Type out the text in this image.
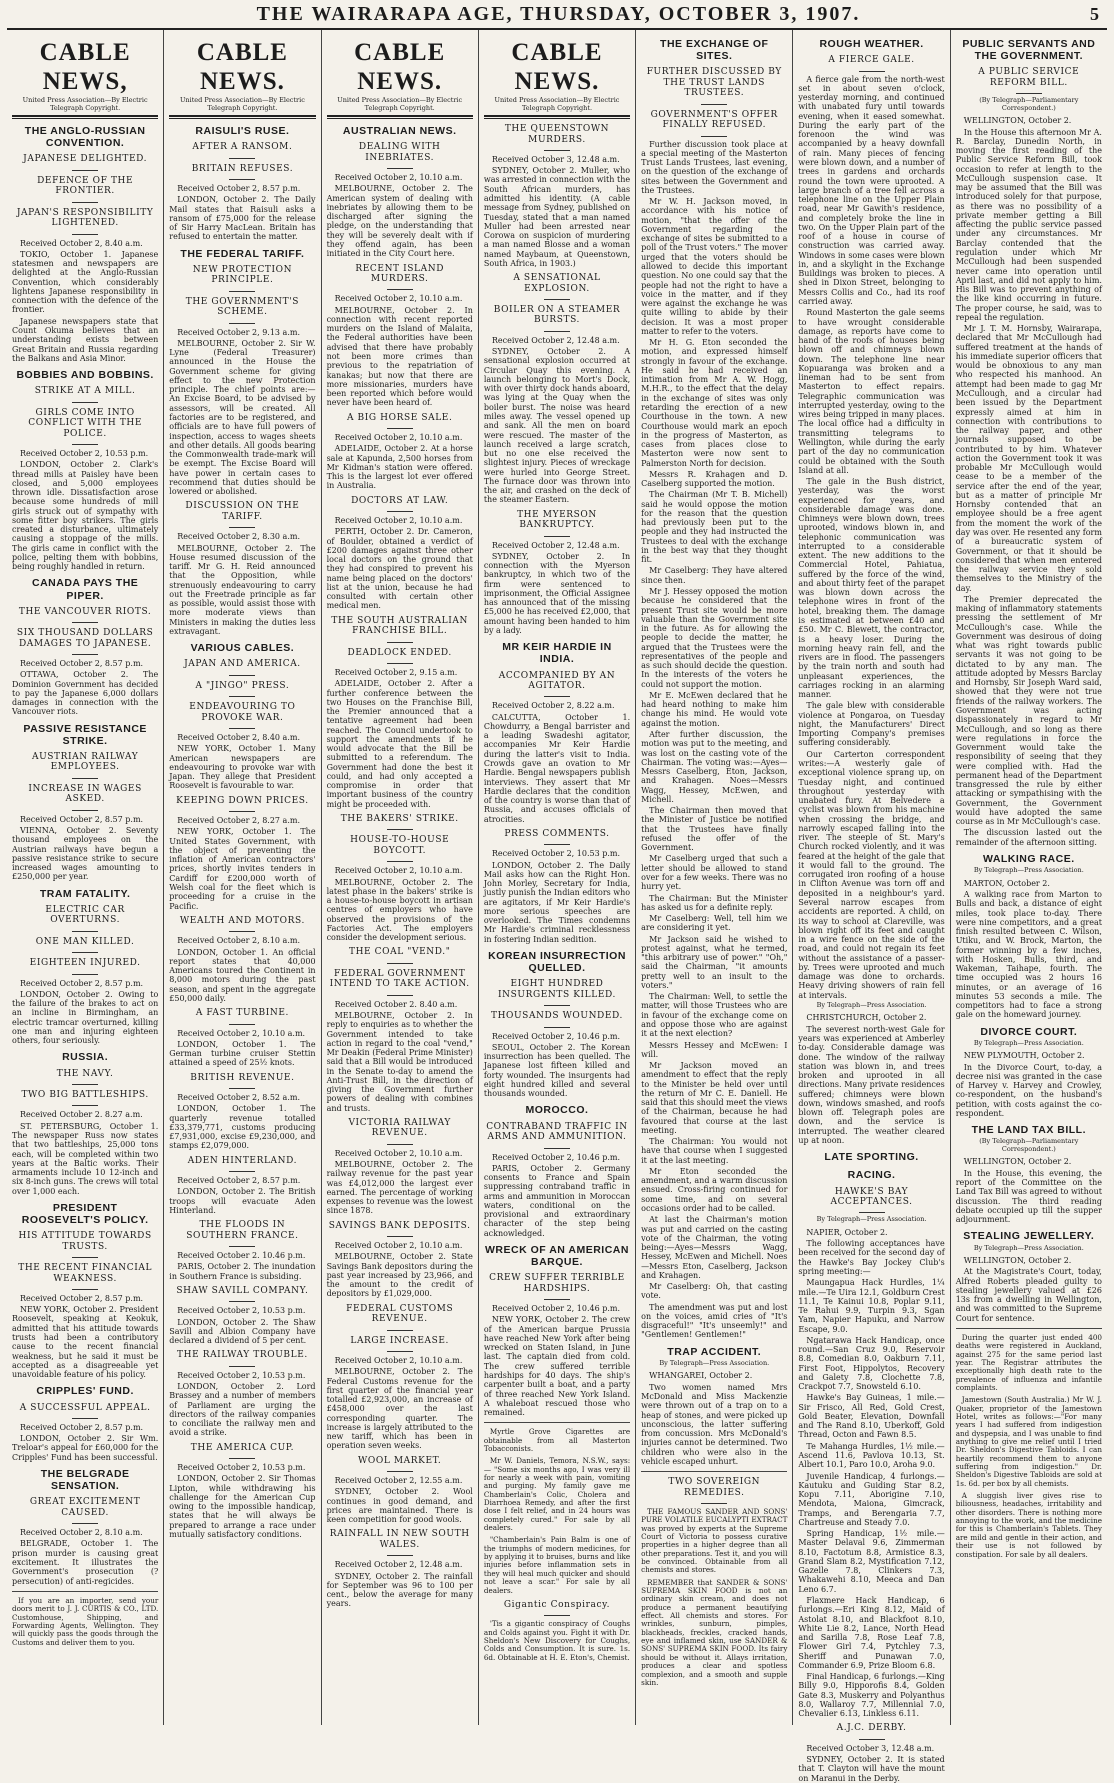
THE WAIRARAPA AGE, THURSDAY, OCTOBER 3, 1907.	5
CABLE NEWS,
United Press Association—By Electric Telegraph Copyright.
THE ANGLO-RUSSIAN CONVENTION.
JAPANESE DELIGHTED.
DEFENCE OF THE FRONTIER.
JAPAN'S RESPONSIBILITY LIGHTENED.
Received October 2, 8.40 a.m.

TOKIO, October 1. Japanese statesmen and newspapers are delighted at the Anglo-Russian Convention, which considerably lightens Japanese responsibility in connection with the defence of the frontier.

Japanese newspapers state that Count Okuma believes that an understanding exists between Great Britain and Russia regarding the Balkans and Asia Minor.

BOBBIES AND BOBBINS.
STRIKE AT A MILL.
GIRLS COME INTO CONFLICT WITH THE POLICE.
Received October 2, 10.53 p.m.

LONDON, October 2. Clark's thread mills at Paisley have been closed, and 5,000 employees thrown idle. Dissatisfaction arose because some hundreds of mill girls struck out of sympathy with some fitter boy strikers. The girls created a disturbance, ultimately causing a stoppage of the mills. The girls came in conflict with the police, pelting them with bobbins, being roughly handled in return.

CANADA PAYS THE PIPER.
THE VANCOUVER RIOTS.
SIX THOUSAND DOLLARS DAMAGES TO JAPANESE.
Received October 2, 8.57 p.m.

OTTAWA, October 2. The Dominion Government has decided to pay the Japanese 6,000 dollars damages in connection with the Vancouver riots.

PASSIVE RESISTANCE STRIKE.
AUSTRIAN RAILWAY EMPLOYEES.
INCREASE IN WAGES ASKED.
Received October 2, 8.57 p.m.

VIENNA, October 2. Seventy thousand employees on the Austrian railways have begun a passive resistance strike to secure increased wages amounting to £250,000 per year.

TRAM FATALITY.
ELECTRIC CAR OVERTURNS.
ONE MAN KILLED.
EIGHTEEN INJURED.
Received October 2, 8.57 p.m.

LONDON, October 2. Owing to the failure of the brakes to act on an incline in Birmingham, an electric tramcar overturned, killing one man and injuring eighteen others, four seriously.

RUSSIA.
THE NAVY.
TWO BIG BATTLESHIPS.
Received October 2. 8.27 a.m.

ST. PETERSBURG, October 1. The newspaper Russ now states that two battleships, 25,000 tons each, will be completed within two years at the Baltic works. Their armaments include 10 12-inch and six 8-inch guns. The crews will total over 1,000 each.

PRESIDENT ROOSEVELT'S POLICY.
HIS ATTITUDE TOWARDS TRUSTS.
THE RECENT FINANCIAL WEAKNESS.
Received October 2, 8.57 p.m.

NEW YORK, October 2. President Roosevelt, speaking at Keokuk, admitted that his attitude towards trusts had been a contributory cause to the recent financial weakness, but he said it must be accepted as a disagreeable yet unavoidable feature of his policy.

CRIPPLES' FUND.
A SUCCESSFUL APPEAL.
Received October 2, 8.57 p.m.

LONDON, October 2. Sir Wm. Treloar's appeal for £60,000 for the Cripples' Fund has been successful.

THE BELGRADE SENSATION.
GREAT EXCITEMENT CAUSED.
Received October 2, 8.10 a.m.

BELGRADE, October 1. The prison murder is causing great excitement. It illustrates the Government's prosecution (? persecution) of anti-regicides.

If you are an importer, send your doors merit to J. J. CURTIS & CO., LTD. Customhouse, Shipping, and Forwarding Agents, Wellington. They will quickly pass the goods through the Customs and deliver them to you.

CABLE NEWS.
United Press Association—By Electric Telegraph Copyright.
RAISULI'S RUSE.
AFTER A RANSOM.
BRITAIN REFUSES.
Received October 2, 8.57 p.m.

LONDON, October 2. The Daily Mail states that Raisuli asks a ransom of £75,000 for the release of Sir Harry MacLean. Britain has refused to entertain the matter.

THE FEDERAL TARIFF.
NEW PROTECTION PRINCIPLE.
THE GOVERNMENT'S SCHEME.
Received October 2, 9.13 a.m.

MELBOURNE, October 2. Sir W. Lyne (Federal Treasurer) announced in the House the Government scheme for giving effect to the new Protection principle. The chief points are:— An Excise Board, to be advised by assessors, will be created. All factories are to be registered, and officials are to have full powers of inspection, access to wages sheets and other details. All goods bearing the Commonwealth trade-mark will be exempt. The Excise Board will have power in certain cases to recommend that duties should be lowered or abolished.

DISCUSSION ON THE TARIFF.
Received October 2, 8.30 a.m.

MELBOURNE, October 2. The House resumed discussion of the tariff. Mr G. H. Reid announced that the Opposition, while strenuously endeavouring to carry out the Freetrade principle as far as possible, would assist those with more moderate views than Ministers in making the duties less extravagant.

VARIOUS CABLES.
JAPAN AND AMERICA.
A "JINGO" PRESS.
ENDEAVOURING TO PROVOKE WAR.
Received October 2, 8.40 a.m.

NEW YORK, October 1. Many American newspapers are endeavouring to provoke war with Japan. They allege that President Roosevelt is favourable to war.

KEEPING DOWN PRICES.
Received October 2, 8.27 a.m.

NEW YORK, October 1. The United States Government, with the object of preventing the inflation of American contractors' prices, shortly invites tenders in Cardiff for £200,000 worth of Welsh coal for the fleet which is proceeding for a cruise in the Pacific.

WEALTH AND MOTORS.
Received October 2, 8.10 a.m.

LONDON, October 1. An official report states that 40,000 Americans toured the Continent in 8,000 motors during the past season, and spent in the aggregate £50,000 daily.

A FAST TURBINE.
Received October 2, 10.10 a.m.

LONDON, October 1. The German turbine cruiser Stettin attained a speed of 25½ knots.

BRITISH REVENUE.
Received October 2, 8.52 a.m.

LONDON, October 1. The quarterly revenue totalled £33,379,771, customs producing £7,931,000, excise £9,230,000, and stamps £2,079,000.

ADEN HINTERLAND.
Received October 2, 8.57 p.m.

LONDON, October 2. The British troops will evacuate Aden Hinterland.

THE FLOODS IN SOUTHERN FRANCE.
Received October 2. 10.46 p.m.

PARIS, October 2. The inundation in Southern France is subsiding.

SHAW SAVILL COMPANY.
Received October 2, 10.53 p.m.

LONDON, October 2. The Shaw Savill and Albion Company have declared a dividend of 5 per cent.

THE RAILWAY TROUBLE.
Received October 2, 10.53 p.m.

LONDON, October 2. Lord Brassey and a number of members of Parliament are urging the directors of the railway companies to conciliate the railway men and avoid a strike.

THE AMERICA CUP.
Received October 2, 10.53 p.m.

LONDON, October 2. Sir Thomas Lipton, while withdrawing his challenge for the American Cup owing to the impossible handicap, states that he will always be prepared to arrange a race under mutually satisfactory conditions.

CABLE NEWS.
United Press Association—By Electric Telegraph Copyright.
AUSTRALIAN NEWS.
DEALING WITH INEBRIATES.
Received October 2, 10.10 a.m.

MELBOURNE, October 2. The American system of dealing with inebriates by allowing them to be discharged after signing the pledge, on the understanding that they will be severely dealt with if they offend again, has been initiated in the City Court here.

RECENT ISLAND MURDERS.
Received October 2, 10.10 a.m.

MELBOURNE, October 2. In connection with recent reported murders on the Island of Malaita, the Federal authorities have been advised that there have probably not been more crimes than previous to the repatriation of kanakas; but now that there are more missionaries, murders have been reported which before would never have been heard of.

A BIG HORSE SALE.
Received October 2, 10.10 a.m.

ADELAIDE, October 2. At a horse sale at Kapunda, 2,500 horses from Mr Kidman's station were offered. This is the largest lot ever offered in Australia.

DOCTORS AT LAW.
Received October 2, 10.10 a.m.

PERTH, October 2. Dr. Cameron, of Boulder, obtained a verdict of £200 damages against three other local doctors on the ground that they had conspired to prevent his name being placed on the doctors' list at the union, because he had consulted with certain other medical men.

THE SOUTH AUSTRALIAN FRANCHISE BILL.
DEADLOCK ENDED.
Received October 2, 9.15 a.m.

ADELAIDE, October 2. After a further conference between the two Houses on the Franchise Bill, the Premier announced that a tentative agreement had been reached. The Council undertook to support the amendments if he would advocate that the Bill be submitted to a referendum. The Government had done the best it could, and had only accepted a compromise in order that important business of the country might be proceeded with.

THE BAKERS' STRIKE.
HOUSE-TO-HOUSE BOYCOTT.
Received October 2, 10.10 a.m.

MELBOURNE, October 2. The latest phase in the bakers' strike is a house-to-house boycott in artisan centres of employers who have observed the provisions of the Factories Act. The employers consider the development serious.

THE COAL "VEND."
FEDERAL GOVERNMENT INTEND TO TAKE ACTION.
Received October 2. 8.40 a.m.

MELBOURNE, October 2. In reply to enquiries as to whether the Government intended to take action in regard to the coal "vend," Mr Deakin (Federal Prime Minister) said that a Bill would be introduced in the Senate to-day to amend the Anti-Trust Bill, in the direction of giving the Government further powers of dealing with combines and trusts.

VICTORIA RAILWAY REVENUE.
Received October 2, 10.10 a.m.

MELBOURNE, October 2. The railway revenue for the past year was £4,012,000 the largest ever earned. The percentage of working expenses to revenue was the lowest since 1878.

SAVINGS BANK DEPOSITS.
Received October 2, 10.10 a.m.

MELBOURNE, October 2. State Savings Bank depositors during the past year increased by 23,966, and the amount to the credit of depositors by £1,029,000.

FEDERAL CUSTOMS REVENUE.
LARGE INCREASE.
Received October 2, 10.10 a.m.

MELBOURNE, October 2. The Federal Customs revenue for the first quarter of the financial year totalled £2,923,000, an increase of £458,000 over the last corresponding quarter. The increase is largely attributed to the new tariff, which has been in operation seven weeks.

WOOL MARKET.
Received October 2, 12.55 a.m.

SYDNEY, October 2. Wool continues in good demand, and prices are maintained. There is keen competition for good wools.

RAINFALL IN NEW SOUTH WALES.
Received October 2, 12.48 a.m.

SYDNEY, October 2. The rainfall for September was 96 to 100 per cent., below the average for many years.

CABLE NEWS.
United Press Association—By Electric Telegraph Copyright.
THE QUEENSTOWN MURDERS.
Received October 3, 12.48 a.m.

SYDNEY, October 2. Muller, who was arrested in connection with the South African murders, has admitted his identity. (A cable message from Sydney, published on Tuesday, stated that a man named Muller had been arrested near Corowa on suspicion of murdering a man named Blosse and a woman named Maybaum, at Queenstown, South Africa, in 1903.)

A SENSATIONAL EXPLOSION.
BOILER ON A STEAMER BURSTS.
Received October 2, 12.48 a.m.

SYDNEY, October 2. A sensational explosion occurred at Circular Quay this evening. A launch belonging to Mort's Dock, with over thirty dock hands aboard, was lying at the Quay when the boiler burst. The noise was heard miles away. The vessel opened up and sank. All the men on board were rescued. The master of the launch received a large scratch, but no one else received the slightest injury. Pieces of wreckage were hurled into George Street. The furnace door was thrown into the air, and crashed on the deck of the steamer Eastern.

THE MYERSON BANKRUPTCY.
Received October 2, 12.48 a.m.

SYDNEY, October 2. In connection with the Myerson bankruptcy, in which two of the firm were sentenced to imprisonment, the Official Assignee has announced that of the missing £5,000 he has received £2,000, that amount having been handed to him by a lady.

MR KEIR HARDIE IN INDIA.
ACCOMPANIED BY AN AGITATOR.
Received October 2, 8.22 a.m.

CALCUTTA, October 1. Chowdurry, a Bengal barrister and a leading Swadeshi agitator, accompanies Mr Keir Hardie during the latter's visit to India. Crowds gave an ovation to Mr Hardie. Bengal newspapers publish interviews. They assert that Mr Hardie declares that the condition of the country is worse than that of Russia, and accuses officials of atrocities.

PRESS COMMENTS.
Received October 2, 10.53 p.m.

LONDON, October 2. The Daily Mail asks how can the Right Hon. John Morley, Secretary for India, justly punish the Indian editors who are agitators, if Mr Keir Hardie's more serious speeches are overlooked. The Times condemns Mr Hardie's criminal recklessness in fostering Indian sedition.

KOREAN INSURRECTION QUELLED.
EIGHT HUNDRED INSURGENTS KILLED.
THOUSANDS WOUNDED.
Received October 2, 10.46 p.m.

SEOUL, October 2. The Korean insurrection has been quelled. The Japanese lost fifteen killed and forty wounded. The insurgents had eight hundred killed and several thousands wounded.

MOROCCO.
CONTRABAND TRAFFIC IN ARMS AND AMMUNITION.
Received October 2, 10.46 p.m.

PARIS, October 2. Germany consents to France and Spain suppressing contraband traffic in arms and ammunition in Moroccan waters, conditional on the provisional and extraordinary character of the step being acknowledged.

WRECK OF AN AMERICAN BARQUE.
CREW SUFFER TERRIBLE HARDSHIPS.
Received October 2, 10.46 p.m.

NEW YORK, October 2. The crew of the American barque Prussia have reached New York after being wrecked on Staten Island, in June last. The captain died from cold. The crew suffered terrible hardships for 40 days. The ship's carpenter built a boat, and a party of three reached New York Island. A whaleboat rescued those who remained.

Myrtle Grove Cigarettes are obtainable from all Masterton Tobacconists.

Mr W. Daniels, Temora, N.S.W., says:— "Some six months ago, I was very ill for nearly a week with pain, vomiting and purging. My family gave me Chamberlain's Colic, Cholera and Diarrhoea Remedy, and after the first dose I felt relief, and in 24 hours was completely cured." For sale by all dealers.

"Chamberlain's Pain Balm is one of the triumphs of modern medicines, for by applying it to bruises, burns and like injuries before inflammation sets in they will heal much quicker and should not leave a scar." For sale by all dealers.

Gigantic Conspiracy.

'Tis a gigantic conspiracy of Coughs and Colds against you. Fight it with Dr. Sheldon's New Discovery for Coughs, Colds and Consumption. It is sure. 1s. 6d. Obtainable at H. E. Eton's, Chemist.

THE EXCHANGE OF SITES.
FURTHER DISCUSSED BY THE TRUST LANDS TRUSTEES.
GOVERNMENT'S OFFER FINALLY REFUSED.

Further discussion took place at a special meeting of the Masterton Trust Lands Trustees, last evening, on the question of the exchange of sites between the Government and the Trustees.

Mr W. H. Jackson moved, in accordance with his notice of motion, "that the offer of the Government regarding the exchange of sites be submitted to a poll of the Trust voters." The mover urged that the voters should be allowed to decide this important question. No one could say that the people had not the right to have a voice in the matter, and if they were against the exchange he was quite willing to abide by their decision. It was a most proper matter to refer to the voters.

Mr H. G. Eton seconded the motion, and expressed himself strongly in favour of the exchange. He said he had received an intimation from Mr A. W. Hogg, M.H.R., to the effect that the delay in the exchange of sites was only retarding the erection of a new Courthouse in the town. A new Courthouse would mark an epoch in the progress of Masterton, as cases from places close to Masterton were now sent to Palmerston North for decision.

Messrs R. Krahagen and D. Caselberg supported the motion.

The Chairman (Mr T. B. Michell) said he would oppose the motion for the reason that the question had previously been put to the people and they had instructed the Trustees to deal with the exchange in the best way that they thought fit.

Mr Caselberg: They have altered since then.

Mr J. Hessey opposed the motion because he considered that the present Trust site would be more valuable than the Government site in the future. As for allowing the people to decide the matter, he argued that the Trustees were the representatives of the people and as such should decide the question. In the interests of the voters he could not support the motion.

Mr E. McEwen declared that he had heard nothing to make him change his mind. He would vote against the motion.

After further discussion, the motion was put to the meeting, and was lost on the casting vote of the Chairman. The voting was:—Ayes—Messrs Caselberg, Eton, Jackson, and Krahagen. Noes—Messrs Wagg, Hessey, McEwen, and Michell.

The Chairman then moved that the Minister of Justice be notified that the Trustees have finally refused the offer of the Government.

Mr Caselberg urged that such a letter should be allowed to stand over for a few weeks. There was no hurry yet.

The Chairman: But the Minister has asked us for a definite reply.

Mr Caselberg: Well, tell him we are considering it yet.

Mr Jackson said he wished to protest against, what he termed, "this arbitrary use of power." "Oh," said the Chairman, "it amounts pretty well to an insult to the voters."

The Chairman: Well, to settle the matter, will those Trustees who are in favour of the exchange come on and oppose those who are against it at the next election?

Messrs Hessey and McEwen: I will.

Mr Jackson moved an amendment to effect that the reply to the Minister be held over until the return of Mr C. E. Daniell. He said that this should meet the views of the Chairman, because he had favoured that course at the last meeting.

The Chairman: You would not have that course when I suggested it at the last meeting.

Mr Eton seconded the amendment, and a warm discussion ensued. Cross-firing continued for some time, and on several occasions order had to be called.

At last the Chairman's motion was put and carried on the casting vote of the Chairman, the voting being:—Ayes—Messrs Wagg, Hessey, McEwen and Michell. Noes—Messrs Eton, Caselberg, Jackson and Krahagen.

Mr Caselberg: Oh, that casting vote.

The amendment was put and lost on the voices, amid cries of "It's disgraceful!" "It's unseemly!" and "Gentlemen! Gentlemen!"

TRAP ACCIDENT.
By Telegraph—Press Association.
WHANGAREI, October 2.

Two women named Mrs McDonald and Miss Mackenzie were thrown out of a trap on to a heap of stones, and were picked up unconscious, the latter suffering from concussion. Mrs McDonald's injuries cannot be determined. Two children who were also in the vehicle escaped unhurt.

TWO SOVEREIGN REMEDIES.

THE FAMOUS SANDER AND SONS' PURE VOLATILE EUCALYPTI EXTRACT was proved by experts at the Supreme Court of Victoria to possess curative properties in a higher degree than all other preparations. Test it, and you will be convinced. Obtainable from all chemists and stores.

REMEMBER that SANDER & SONS' SUPREMA SKIN FOOD is not an ordinary skin cream, and does not produce a permanent beautifying effect. All chemists and stores. For wrinkles, sunburn, pimples, blackheads, freckles, cracked hands, eye and inflamed skin, use SANDER & SONS' SUPREMA SKIN FOOD. Its fairy should be without it. Allays irritation, produces a clear and spotless complexion, and a smooth and supple skin.

ROUGH WEATHER.
A FIERCE GALE.

A fierce gale from the north-west set in about seven o'clock, yesterday morning, and continued with unabated fury until towards evening, when it eased somewhat. During the early part of the forenoon the wind was accompanied by a heavy downfall of rain. Many pieces of fencing were blown down, and a number of trees in gardens and orchards round the town were uprooted. A large branch of a tree fell across a telephone line on the Upper Plain road, near Mr Gawith's residence, and completely broke the line in two. On the Upper Plain part of the roof of a house in course of construction was carried away. Windows in some cases were blown in, and a skylight in the Exchange Buildings was broken to pieces. A shed in Dixon Street, belonging to Messrs Collis and Co., had its roof carried away.

Round Masterton the gale seems to have wrought considerable damage, as reports have come to hand of the roofs of houses being blown off and chimneys blown down. The telephone line near Kopuaranga was broken and a lineman had to be sent from Masterton to effect repairs. Telegraphic communication was interrupted yesterday, owing to the wires being tripped in many places. The local office had a difficulty in transmitting telegrams to Wellington, while during the early part of the day no communication could be obtained with the South Island at all.

The gale in the Bush district, yesterday, was the worst experienced for years, and considerable damage was done. Chimneys were blown down, trees uprooted, windows blown in, and telephonic communication was interrupted to a considerable extent. The new additions to the Commercial Hotel, Pahiatua, suffered by the force of the wind, and about thirty feet of the parapet was blown down across the telephone wires in front of the hotel, breaking them. The damage is estimated at between £40 and £50. Mr C. Blewett, the contractor, is a heavy loser. During the morning heavy rain fell, and the rivers are in flood. The passengers by the train north and south had unpleasant experiences, the carriages rocking in an alarming manner.

The gale blew with considerable violence at Pongaroa, on Tuesday night, the Manufacturers' Direct Importing Company's premises suffering considerably.

Our Carterton correspondent writes:—A westerly gale of exceptional violence sprang up, on Tuesday night, and continued throughout yesterday with unabated fury. At Belvedere a cyclist was blown from his machine when crossing the bridge, and narrowly escaped falling into the river. The steeple of St. Mary's Church rocked violently, and it was feared at the height of the gale that it would fall to the ground. The corrugated iron roofing of a house in Clifton Avenue was torn off and deposited in a neighbour's yard. Several narrow escapes from accidents are reported. A child, on its way to school at Clareville, was blown right off its feet and caught in a wire fence on the side of the road, and could not regain its feet without the assistance of a passer-by. Trees were uprooted and much damage was done to orchards. Heavy driving showers of rain fell at intervals.

By Telegraph—Press Association.
CHRISTCHURCH, October 2.

The severest north-west Gale for years was experienced at Amberley to-day. Considerable damage was done. The window of the railway station was blown in, and trees broken and uprooted in all directions. Many private residences suffered; chimneys were blown down, windows smashed, and roofs blown off. Telegraph poles are down, and the service is interrupted. The weather cleared up at noon.

LATE SPORTING.
RACING.
HAWKE'S BAY ACCEPTANCES.
By Telegraph—Press Association.
NAPIER, October 2.

The following acceptances have been received for the second day of the Hawke's Bay Jockey Club's spring meeting:—

Maungapua Hack Hurdles, 1¼ mile.—Te Uira 12.1, Goldburn Crest 11.1, Te Kainui 10.8, Poplar 9.11, Te Rahui 9.9, Turpin 9.3, Sgan Yam, Napier Hapuku, and Narrow Escape, 9.0.

Ngatarawa Hack Handicap, once round.—San Cruz 9.0, Reservoir 8.8, Comedian 8.0, Oakburn 7.11, First Foot, Hippolytos, Recovery and Galety 7.8, Clochette 7.8, Crackpot 7.7, Snowsteld 6.10.

Hawke's Bay Guineas, 1 mile.—Sir Frisco, All Red, Gold Crest, Gold Beater, Elevation, Downfall and The Rand 8.10, Uberkoff, Gold Thread, Octon and Fawn 8.5.

Te Mahanga Hurdles, 1½ mile.—Ascend 11.6, Pavlova 10.13, St. Albert 10.1, Paro 10.0, Aroha 9.0.

Juvenile Handicap, 4 furlongs.—Kautuku and Guiding Star 8.2, Kopu 7.11, Aborigine 7.10, Mendota, Maiona, Gimcrack, Tramps, and Berengaria 7.7, Chartreuse and Steady 7.0.

Spring Handicap, 1½ mile.—Master Delaval 9.6, Zimmerman 8.10, Factotum 8.8, Armistice 8.3, Grand Slam 8.2, Mystification 7.12, Gazelle 7.8, Clinkers 7.3, Whakawehi 8.10, Meeca and Dan Leno 6.7.

Flaxmere Hack Handicap, 6 furlongs.—Eri King 8.12, Maid of Astolat 8.10, and Blackfoot 8.10, White Lie 8.2, Lance, North Head and Sarilla 7.8, Rose Leaf 7.8, Flower Girl 7.4, Pytchley 7.3, Sheriff and Punawan 7.0, Commander 6.9, Prize Bloom 6.8.

Final Handicap, 6 furlongs.—King Billy 9.0, Hipporofis 8.4, Golden Gate 8.3, Muskerry and Polyanthus 8.0, Wallaroy 7.7, Millennial 7.0, Chevalier 6.13, Linkless 6.11.

A.J.C. DERBY.
Received October 3, 12.48 a.m.

SYDNEY, October 2. It is stated that T. Clayton will have the mount on Maranui in the Derby.

PUBLIC SERVANTS AND THE GOVERNMENT.
A PUBLIC SERVICE REFORM BILL.
(By Telegraph—Parliamentary Correspondent.)
WELLINGTON, October 2.

In the House this afternoon Mr A. R. Barclay, Dunedin North, in moving the first reading of the Public Service Reform Bill, took occasion to refer at length to the McCullough suspension case. It may be assumed that the Bill was introduced solely for that purpose, as there was no possibility of a private member getting a Bill affecting the public service passed under any circumstances. Mr Barclay contended that the regulation under which Mr McCullough had been suspended never came into operation until April last, and did not apply to him. His Bill was to prevent anything of the like kind occurring in future. The proper course, he said, was to repeal the regulation.

Mr J. T. M. Hornsby, Wairarapa, declared that Mr McCullough had suffered treatment at the hands of his immediate superior officers that would be obnoxious to any man who respected his manhood. An attempt had been made to gag Mr McCullough, and a circular had been issued by the Department expressly aimed at him in connection with contributions to the railway paper, and other journals supposed to be contributed to by him. Whatever action the Government took it was probable Mr McCullough would cease to be a member of the service after the end of the year, but as a matter of principle Mr Hornsby contended that an employee should be a free agent from the moment the work of the day was over. He resented any form of a bureaucratic system of Government, or that it should be considered that when men entered the railway service they sold themselves to the Ministry of the day.

The Premier deprecated the making of inflammatory statements pressing the settlement of Mr McCullough's case. While the Government was desirous of doing what was right towards public servants it was not going to be dictated to by any man. The attitude adopted by Messrs Barclay and Hornsby, Sir Joseph Ward said, showed that they were not true friends of the railway workers. The Government was acting dispassionately in regard to Mr McCullough, and so long as there were regulations in force the Government would take the responsibility of seeing that they were complied with. Had the permanent head of the Department transgressed the rule by either attacking or sympathising with the Government, the Government would have adopted the same course as in Mr McCullough's case.

The discussion lasted out the remainder of the afternoon sitting.

WALKING RACE.
By Telegraph—Press Association.
MARTON, October 2.

A walking race from Marton to Bulls and back, a distance of eight miles, took place to-day. There were nine competitors, and a great finish resulted between C. Wilson, Utiku, and W. Brock, Marton, the former winning by a few inches, with Hosken, Bulls, third, and Wakeman, Taihape, fourth. The time occupied was 2 hours 16 minutes, or an average of 16 minutes 53 seconds a mile. The competitors had to face a strong gale on the homeward journey.

DIVORCE COURT.
By Telegraph—Press Association.
NEW PLYMOUTH, October 2.

In the Divorce Court, to-day, a decree nisi was granted in the case of Harvey v. Harvey and Crowley, co-respondent, on the husband's petition, with costs against the co-respondent.

THE LAND TAX BILL.
(By Telegraph—Parliamentary Correspondent.)
WELLINGTON, October 2.

In the House, this evening, the report of the Committee on the Land Tax Bill was agreed to without discussion. The third reading debate occupied up till the supper adjournment.

STEALING JEWELLERY.
By Telegraph—Press Association.
WELLINGTON, October 2.

At the Magistrate's Court, today, Alfred Roberts pleaded guilty to stealing jewellery valued at £26 13s from a dwelling in Wellington, and was committed to the Supreme Court for sentence.

During the quarter just ended 400 deaths were registered in Auckland, against 275 for the same period last year. The Registrar attributes the exceptionally high death rate to the prevalence of influenza and infantile complaints.

Jamestown (South Australia.) Mr W. J. Quaker, proprietor of the Jamestown Hotel, writes as follows:—"For many years I had suffered from indigestion and dyspepsia, and I was unable to find anything to give me relief until I tried Dr. Sheldon's Digestive Tabloids. I can heartily recommend them to anyone suffering from indigestion." Dr. Sheldon's Digestive Tabloids are sold at 1s. 6d. per box by all chemists.

A sluggish liver gives rise to biliousness, headaches, irritability and other disorders. There is nothing more annoying to the work, and the medicine for this is Chamberlain's Tablets. They are mild and gentle in their action, and their use is not followed by constipation. For sale by all dealers.
